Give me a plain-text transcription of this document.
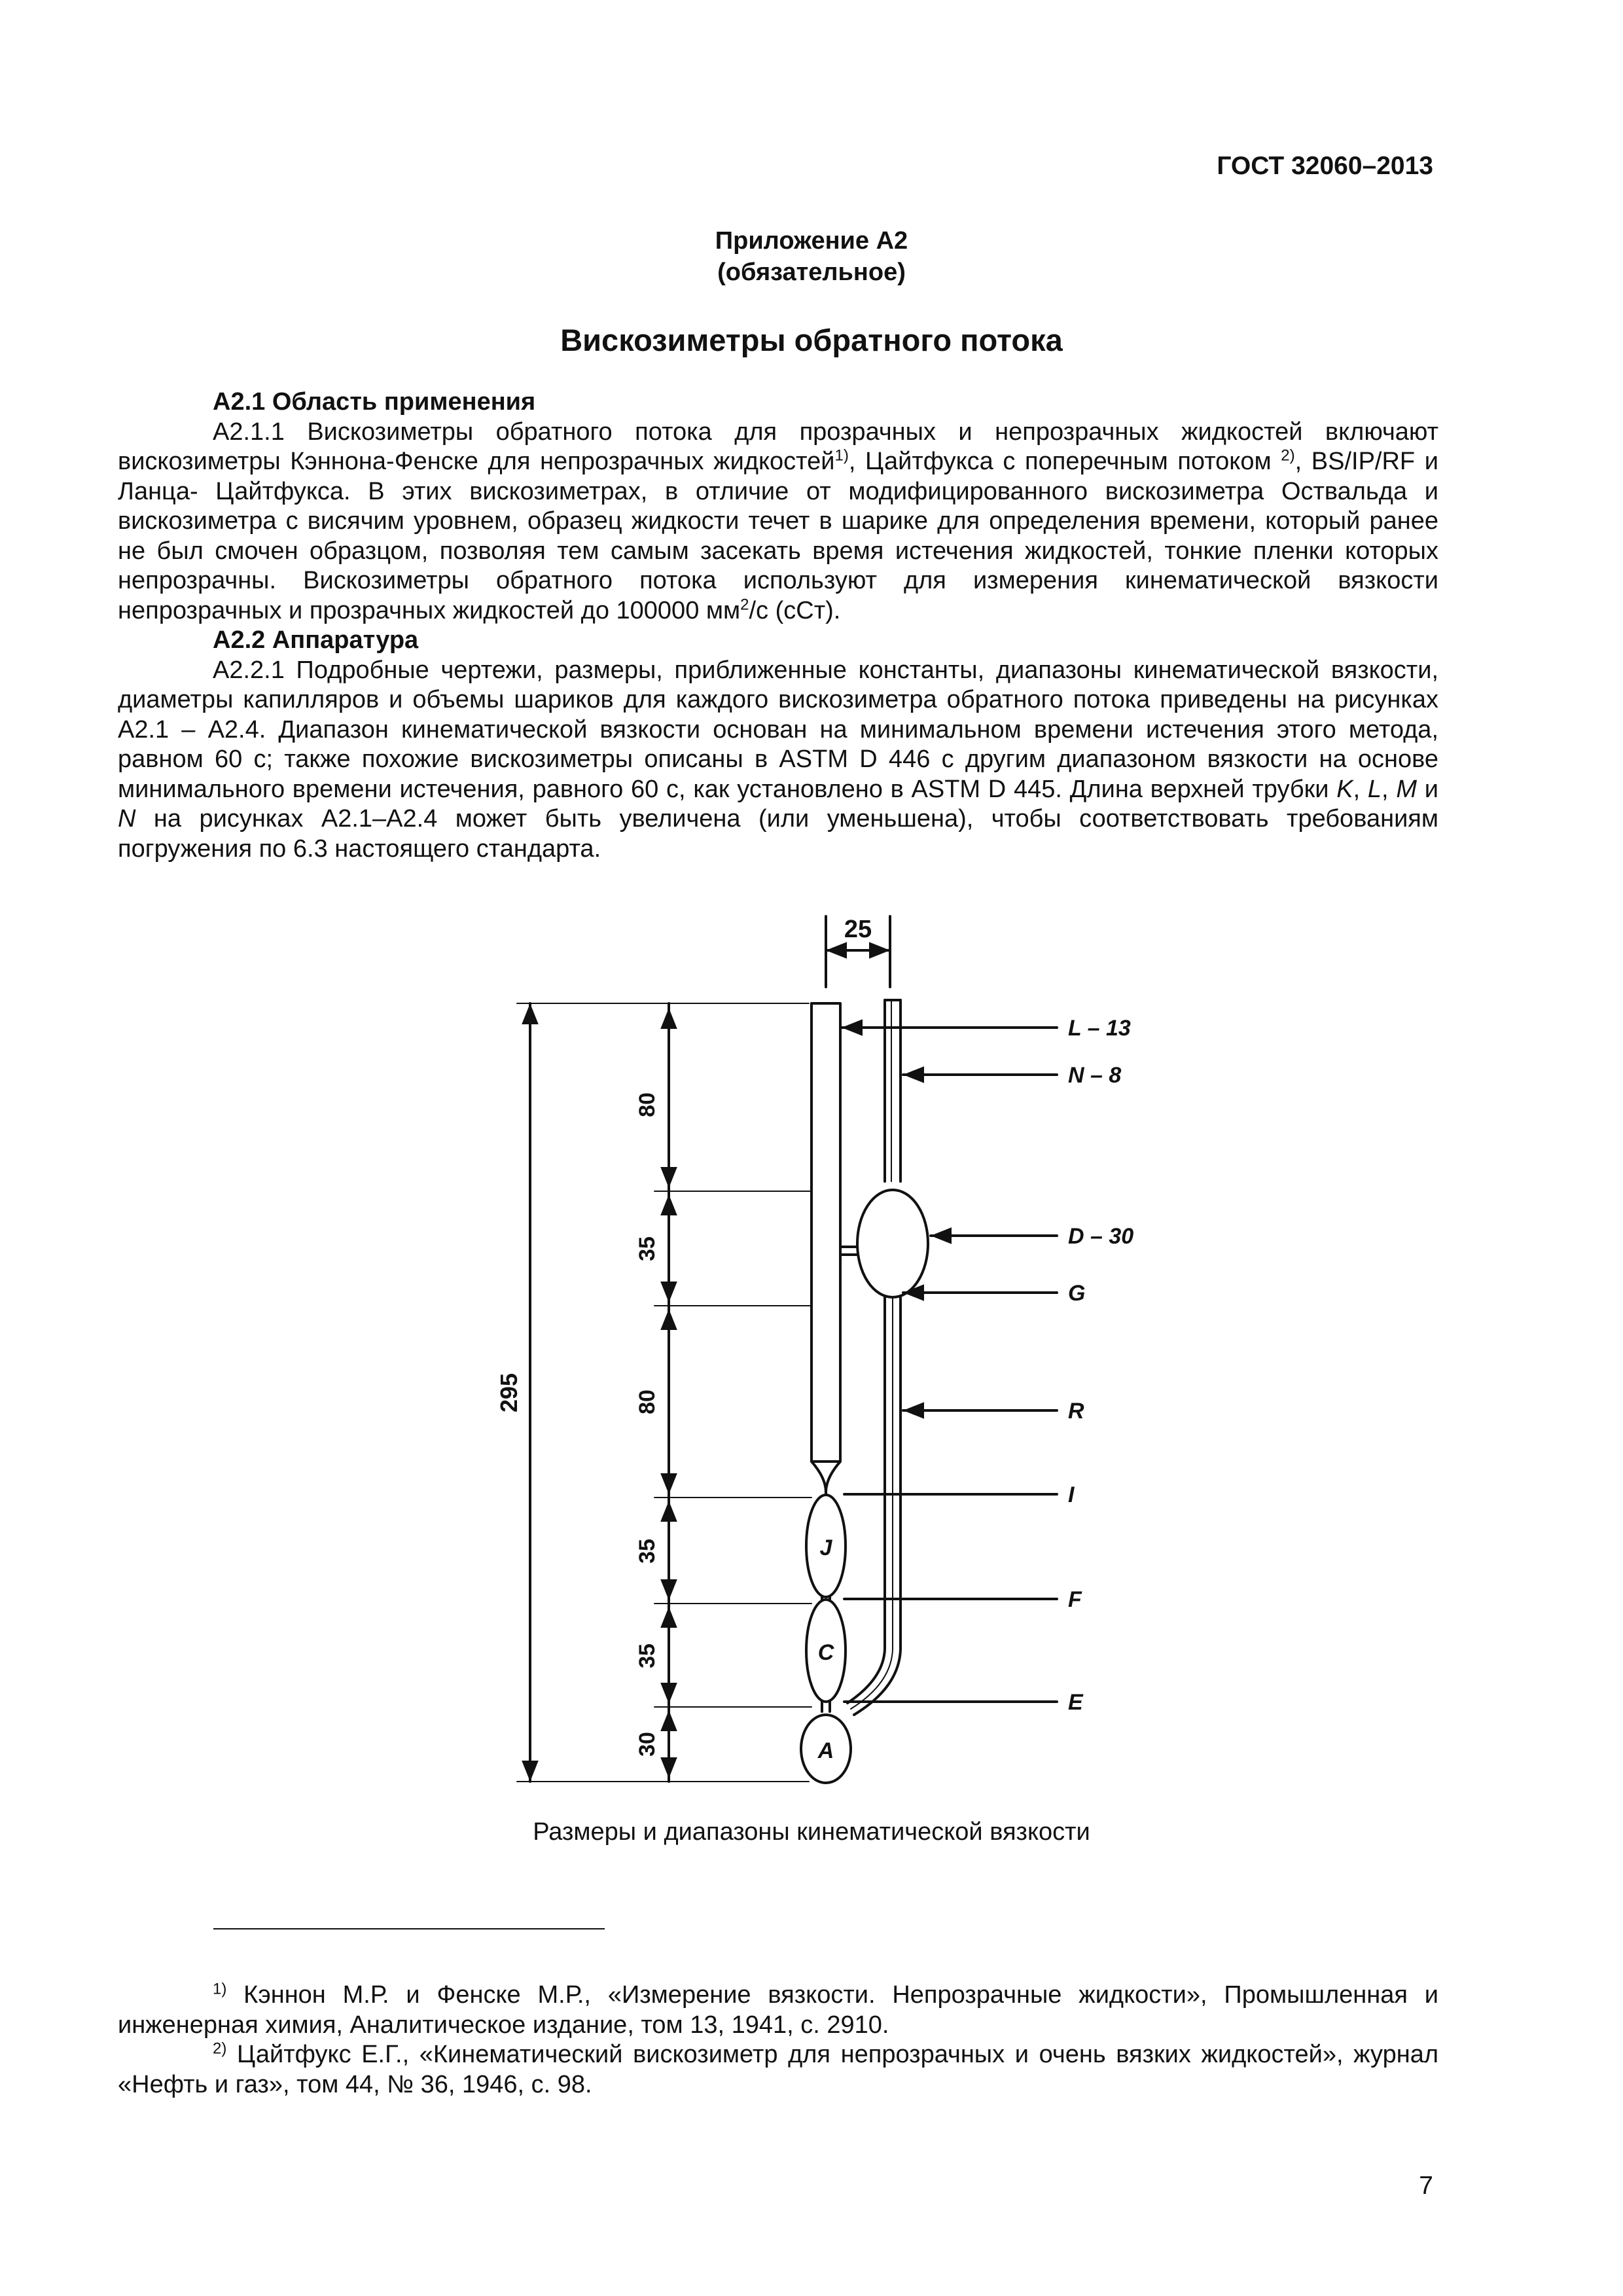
ГОСТ 32060–2013
Приложение А2
(обязательное)
Вискозиметры обратного потока
А2.1 Область применения

А2.1.1 Вискозиметры обратного потока для прозрачных и непрозрачных жидкостей включают вискозиметры Кэннона-Фенске для непрозрачных жидкостей$^{1)}$, Цайтфукса с поперечным потоком $^{2)}$, BS/IP/RF и Ланца- Цайтфукса. В этих вискозиметрах, в отличие от модифицированного вискозиметра Оствальда и вискозиметра с висячим уровнем, образец жидкости течет в шарике для определения времени, который ранее не был смочен образцом, позволяя тем самым засекать время истечения жидкостей, тонкие пленки которых непрозрачны. Вискозиметры обратного потока используют для измерения кинематической вязкости непрозрачных и прозрачных жидкостей до 100000 $мм^2/с$ (сСт).

А2.2 Аппаратура

А2.2.1 Подробные чертежи, размеры, приближенные константы, диапазоны кинематической вязкости, диаметры капилляров и объемы шариков для каждого вискозиметра обратного потока приведены на рисунках А2.1 – А2.4. Диапазон кинематической вязкости основан на минимальном времени истечения этого метода, равном 60 с; также похожие вискозиметры описаны в ASTM D 446 с другим диапазоном вязкости на основе минимального времени истечения, равного 60 с, как установлено в ASTM D 445. Длина верхней трубки K, L, M и N на рисунках А2.1–А2.4 может быть увеличена (или уменьшена), чтобы соответствовать требованиям погружения по 6.3 настоящего стандарта.

25
295
80
35
80
35
35
30
L – 13
N – 8
D – 30
G
R
I
F
E
J
C
A
Размеры и диапазоны кинематической вязкости

$^{1)}$ Кэннон М.Р. и Фенске М.Р., «Измерение вязкости. Непрозрачные жидкости», Промышленная и инженерная химия, Аналитическое издание, том 13, 1941, с. 2910.

$^{2)}$ Цайтфукс Е.Г., «Кинематический вискозиметр для непрозрачных и очень вязких жидкостей», журнал «Нефть и газ», том 44, № 36, 1946, с. 98.

7
